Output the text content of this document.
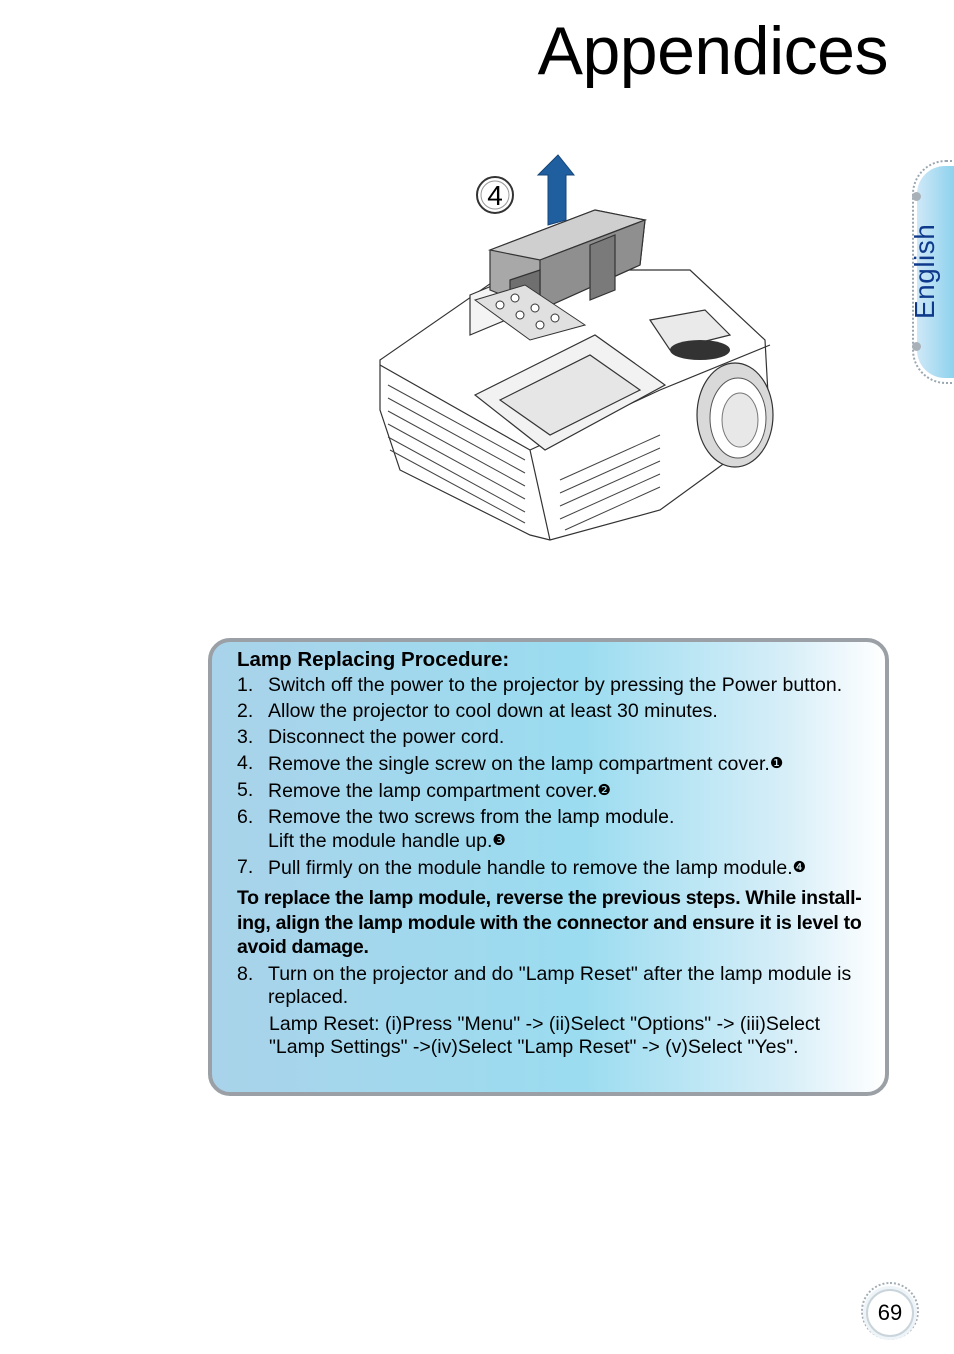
Appendices
English
4
Lamp Replacing Procedure:
1. Switch off the power to the projector by pressing the Power button.
2. Allow the projector to cool down at least 30 minutes.
3. Disconnect the power cord.
4. Remove the single screw on the lamp compartment cover.❶
5. Remove the lamp compartment cover.❷
6. Remove the two screws from the lamp module.
Lift the module handle up.❸
7. Pull firmly on the module handle to remove the lamp module.❹
To replace the lamp module, reverse the previous steps. While install-ing, align the lamp module with the connector and ensure it is level to avoid damage.
8. Turn on the projector and do "Lamp Reset" after the lamp module is replaced.
Lamp Reset: (i)Press "Menu" -> (ii)Select "Options" -> (iii)Select
"Lamp Settings" ->(iv)Select "Lamp Reset" -> (v)Select "Yes".
69
